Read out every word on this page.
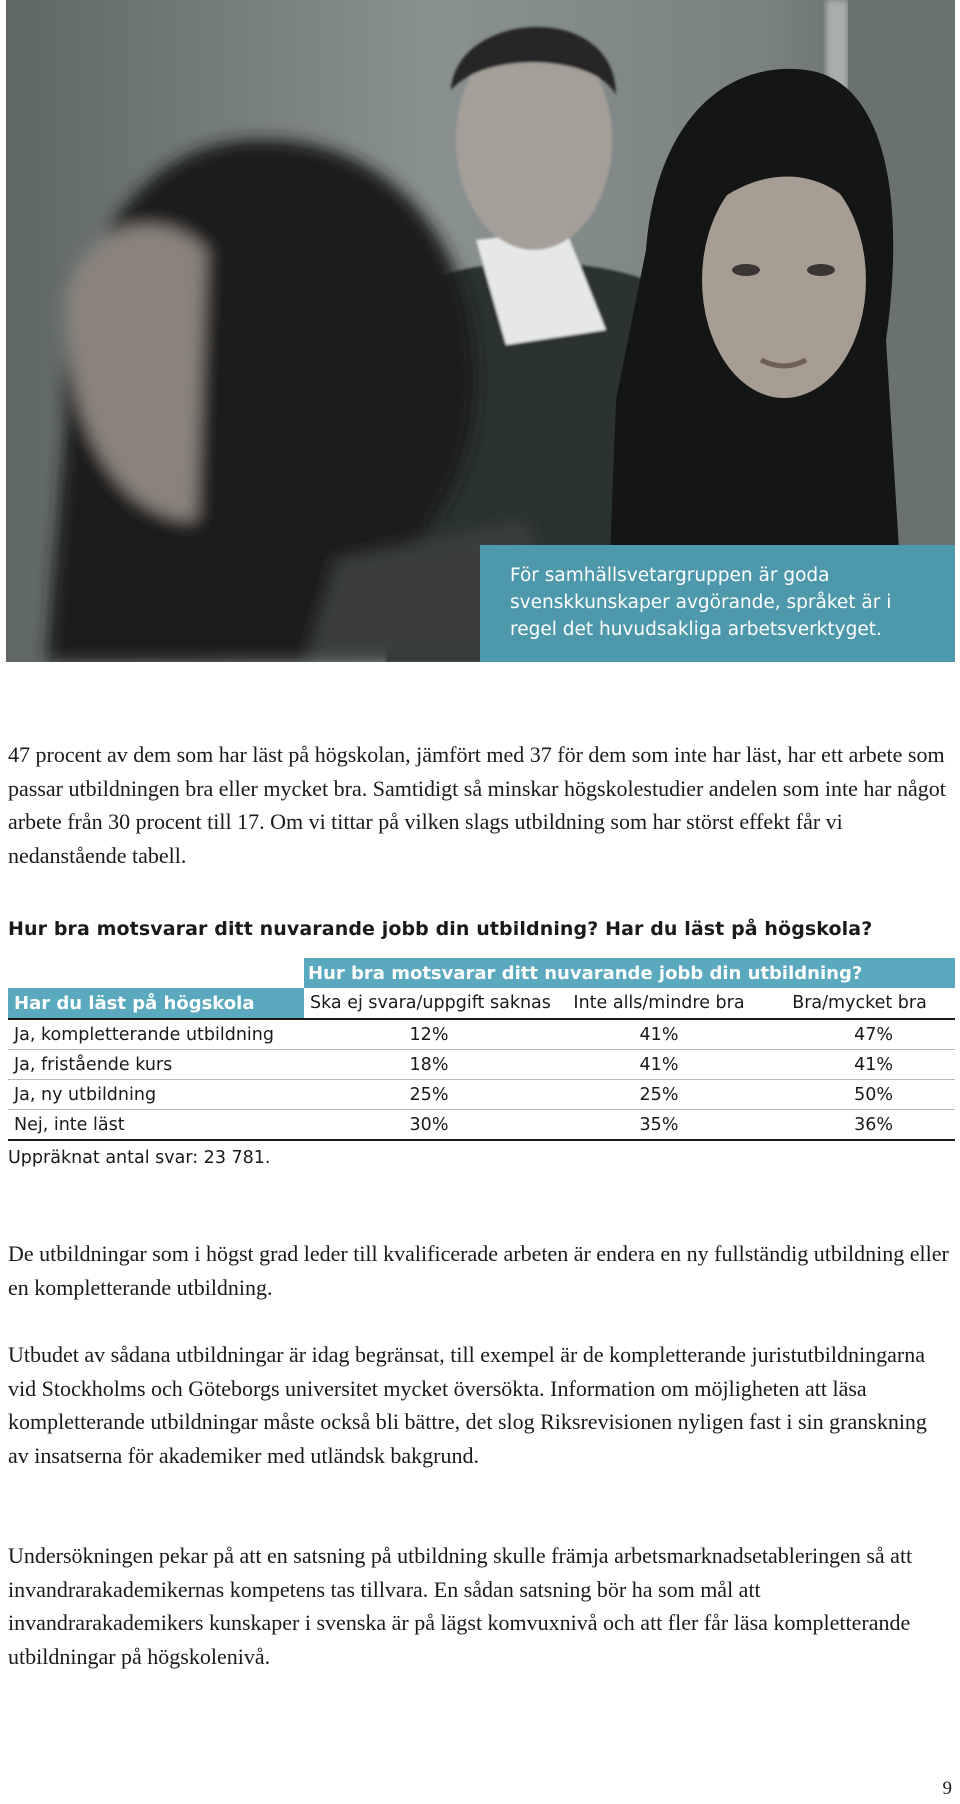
För samhällsvetargruppen är goda
svenskkunskaper avgörande, språket är i
regel det huvudsakliga arbetsverktyget.

47 procent av dem som har läst på högskolan, jämfört med 37 för dem som inte har läst, har ett arbete som passar utbildningen bra eller mycket bra. Samtidigt så minskar högskolestudier andelen som inte har något arbete från 30 procent till 17. Om vi tittar på vilken slags utbildning som har störst effekt får vi nedanstående tabell.

Hur bra motsvarar ditt nuvarande jobb din utbildning? Har du läst på högskola?

	Hur bra motsvarar ditt nuvarande jobb din utbildning?		
Har du läst på högskola	Ska ej svara/uppgift saknas	Inte alls/mindre bra	Bra/mycket bra
Ja, kompletterande utbildning	12%	41%	47%
Ja, fristående kurs	18%	41%	41%
Ja, ny utbildning	25%	25%	50%
Nej, inte läst	30%	35%	36%

Uppräknat antal svar: 23 781.

De utbildningar som i högst grad leder till kvalificerade arbeten är endera en ny fullständig utbildning eller en kompletterande utbildning.

Utbudet av sådana utbildningar är idag begränsat, till exempel är de kompletterande juristutbildningarna vid Stockholms och Göteborgs universitet mycket översökta. Information om möjligheten att läsa kompletterande utbildningar måste också bli bättre, det slog Riksrevisionen nyligen fast i sin granskning av insatserna för akademiker med utländsk bakgrund.

Undersökningen pekar på att en satsning på utbildning skulle främja arbetsmarknadsetableringen så att invandrarakademikernas kompetens tas tillvara. En sådan satsning bör ha som mål att invandrarakademikers kunskaper i svenska är på lägst komvuxnivå och att fler får läsa kompletterande utbildningar på högskolenivå.

9
